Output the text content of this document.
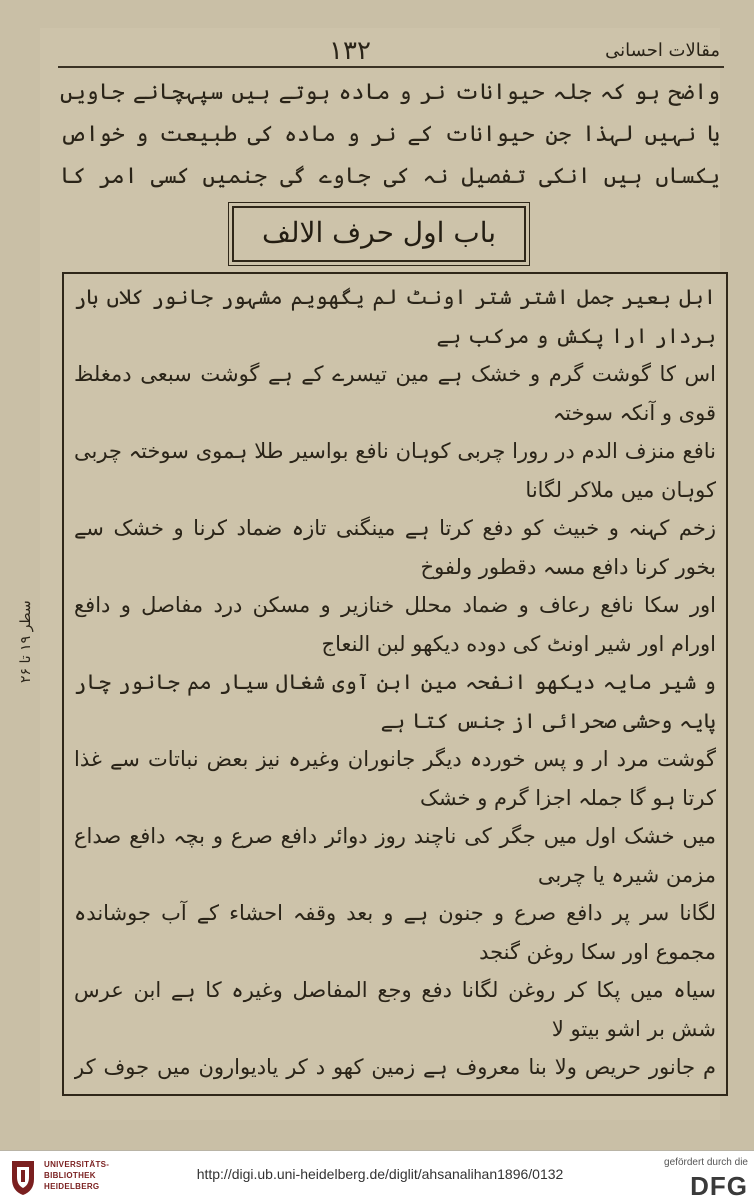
۱۳۲	مقالات احسانی
واضح ہو کہ جلہ حیوانات نر و مادہ ہوتے ہیں سپہچانے جاویں یا نہیں لہذا جن حیوانات کے نر و مادہ کی طبیعت و خواص یکساں ہیں انکی تفصیل نہ کی جاوے گی جنمیں کسی امر کا
باب اول حرف الالف

ابل بعیر جمل اشتر شتر اونٹ لم یگھویم مشہور جانور کلاں بار بردار ارا پکش و مرکب ہے

اس کا گوشت گرم و خشک ہے مین تیسرے کے ہے گوشت سبعی دمغلظ قوی و آنکہ سوختہ

نافع منزف الدم در رورا چربی کوہان نافع بواسیر طلا ہموی سوختہ چربی کوہان میں ملاکر لگانا

زخم کہنہ و خبیث کو دفع کرتا ہے مینگنی تازہ ضماد کرنا و خشک سے بخور کرنا دافع مسہ دقطور ولفوخ

اور سکا نافع رعاف و ضماد محلل خنازیر و مسکن درد مفاصل و دافع اورام اور شیر اونٹ کی دوده دیکھو لبن النعاج

و شیر مایہ دیکھو انفحہ مین ابن آوی شغال سیار مم جانور چار پایہ وحشی صحرائی از جنس کتا ہے

گوشت مرد ار و پس خوردہ دیگر جانوران وغیرہ نیز بعض نباتات سے غذا کرتا ہو گا جملہ اجزا گرم و خشک

میں خشک اول میں جگر کی ناچند روز دوائر دافع صرع و بچہ دافع صداع مزمن شیرہ یا چربی

لگانا سر پر دافع صرع و جنون ہے و بعد وقفہ احشاء کے آب جوشاندہ مجموع اور سکا روغن گنجد

سیاہ میں پکا کر روغن لگانا دفع وجع المفاصل وغیرہ کا ہے ابن عرس شش بر اشو بیتو لا

م جانور حریص ولا بنا معروف ہے زمین کھو د کر یادیوارون میں جوف کر

سطر ۱۹ تا ۲۶
UNIVERSITÄTS-
BIBLIOTHEK
HEIDELBERG
http://digi.ub.uni-heidelberg.de/diglit/ahsanalihan1896/0132
gefördert durch die
DFG
